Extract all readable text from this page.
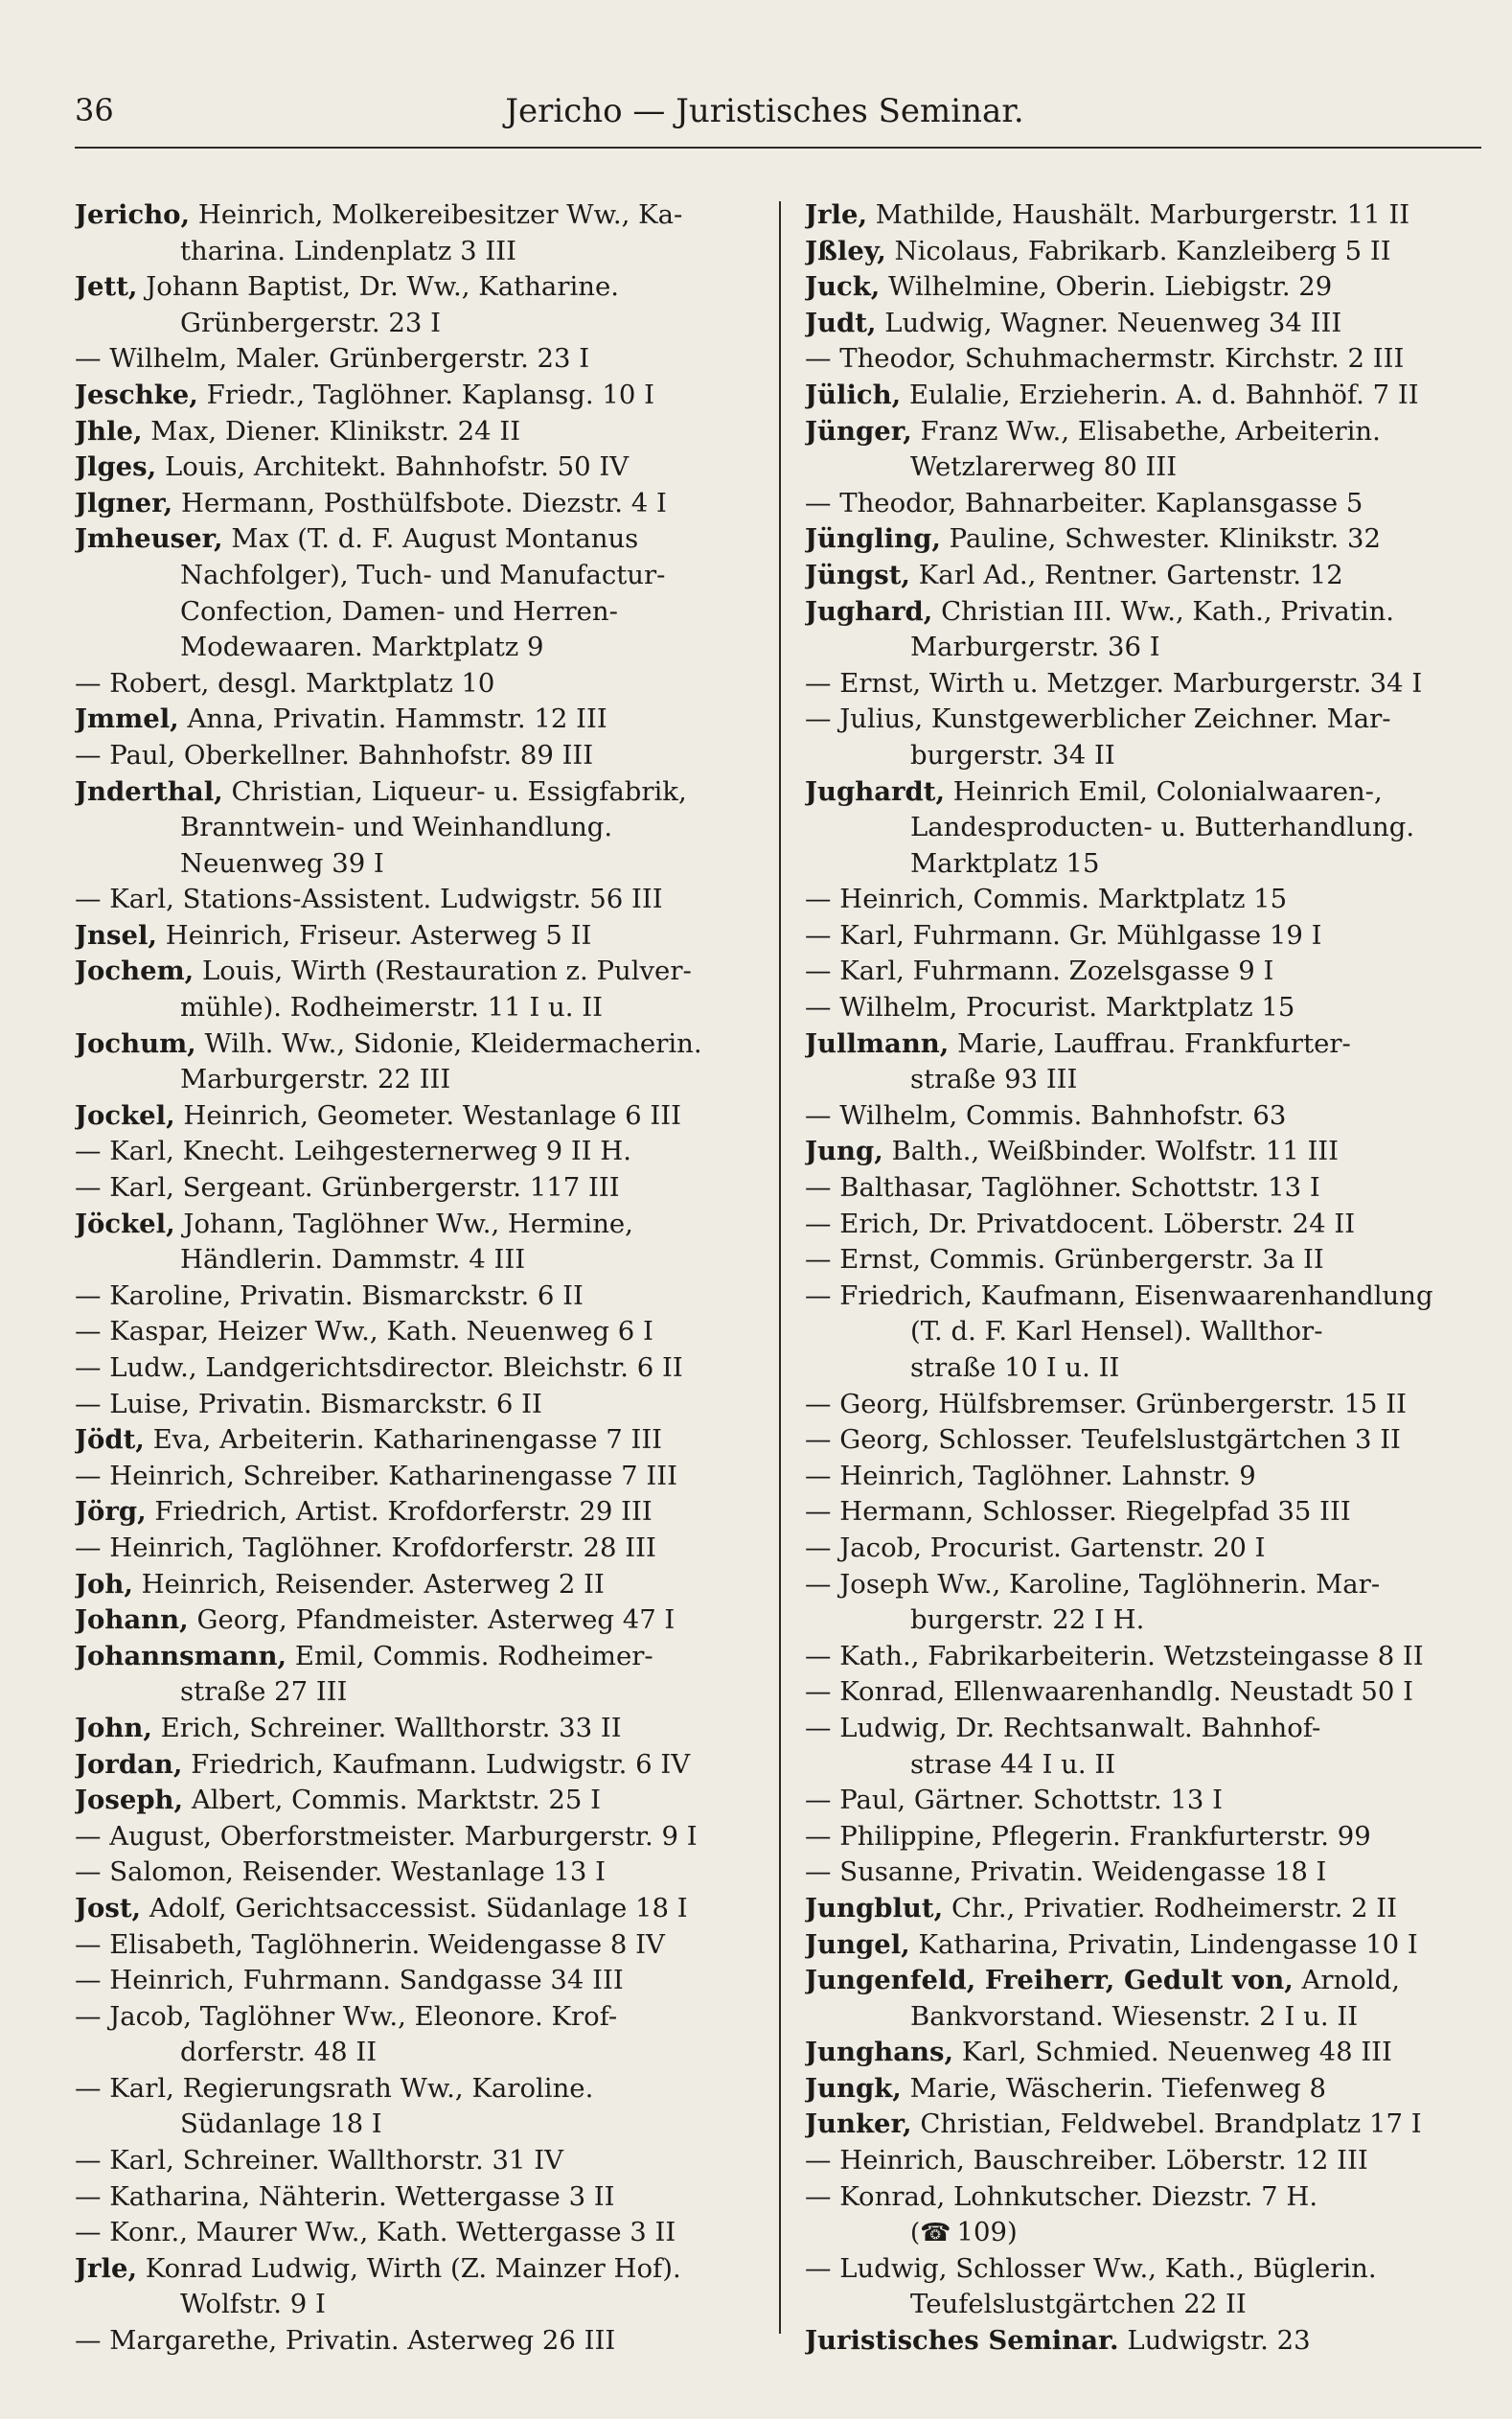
36	Jericho — Juristisches Seminar.
Jericho, Heinrich, Molkereibesitzer Ww., Ka-
tharina. Lindenplatz 3 III
Jett, Johann Baptist, Dr. Ww., Katharine.
Grünbergerstr. 23 I
— Wilhelm, Maler. Grünbergerstr. 23 I
Jeschke, Friedr., Taglöhner. Kaplansg. 10 I
Jhle, Max, Diener. Klinikstr. 24 II
Jlges, Louis, Architekt. Bahnhofstr. 50 IV
Jlgner, Hermann, Posthülfsbote. Diezstr. 4 I
Jmheuser, Max (T. d. F. August Montanus
Nachfolger), Tuch- und Manufactur-
Confection, Damen- und Herren-
Modewaaren. Marktplatz 9
— Robert, desgl. Marktplatz 10
Jmmel, Anna, Privatin. Hammstr. 12 III
— Paul, Oberkellner. Bahnhofstr. 89 III
Jnderthal, Christian, Liqueur- u. Essigfabrik,
Branntwein- und Weinhandlung.
Neuenweg 39 I
— Karl, Stations-Assistent. Ludwigstr. 56 III
Jnsel, Heinrich, Friseur. Asterweg 5 II
Jochem, Louis, Wirth (Restauration z. Pulver-
mühle). Rodheimerstr. 11 I u. II
Jochum, Wilh. Ww., Sidonie, Kleidermacherin.
Marburgerstr. 22 III
Jockel, Heinrich, Geometer. Westanlage 6 III
— Karl, Knecht. Leihgesternerweg 9 II H.
— Karl, Sergeant. Grünbergerstr. 117 III
Jöckel, Johann, Taglöhner Ww., Hermine,
Händlerin. Dammstr. 4 III
— Karoline, Privatin. Bismarckstr. 6 II
— Kaspar, Heizer Ww., Kath. Neuenweg 6 I
— Ludw., Landgerichtsdirector. Bleichstr. 6 II
— Luise, Privatin. Bismarckstr. 6 II
Jödt, Eva, Arbeiterin. Katharinengasse 7 III
— Heinrich, Schreiber. Katharinengasse 7 III
Jörg, Friedrich, Artist. Krofdorferstr. 29 III
— Heinrich, Taglöhner. Krofdorferstr. 28 III
Joh, Heinrich, Reisender. Asterweg 2 II
Johann, Georg, Pfandmeister. Asterweg 47 I
Johannsmann, Emil, Commis. Rodheimer-
straße 27 III
John, Erich, Schreiner. Wallthorstr. 33 II
Jordan, Friedrich, Kaufmann. Ludwigstr. 6 IV
Joseph, Albert, Commis. Marktstr. 25 I
— August, Oberforstmeister. Marburgerstr. 9 I
— Salomon, Reisender. Westanlage 13 I
Jost, Adolf, Gerichtsaccessist. Südanlage 18 I
— Elisabeth, Taglöhnerin. Weidengasse 8 IV
— Heinrich, Fuhrmann. Sandgasse 34 III
— Jacob, Taglöhner Ww., Eleonore. Krof-
dorferstr. 48 II
— Karl, Regierungsrath Ww., Karoline.
Südanlage 18 I
— Karl, Schreiner. Wallthorstr. 31 IV
— Katharina, Nähterin. Wettergasse 3 II
— Konr., Maurer Ww., Kath. Wettergasse 3 II
Jrle, Konrad Ludwig, Wirth (Z. Mainzer Hof).
Wolfstr. 9 I
— Margarethe, Privatin. Asterweg 26 III
Jrle, Mathilde, Haushält. Marburgerstr. 11 II
Jßley, Nicolaus, Fabrikarb. Kanzleiberg 5 II
Juck, Wilhelmine, Oberin. Liebigstr. 29
Judt, Ludwig, Wagner. Neuenweg 34 III
— Theodor, Schuhmachermstr. Kirchstr. 2 III
Jülich, Eulalie, Erzieherin. A. d. Bahnhöf. 7 II
Jünger, Franz Ww., Elisabethe, Arbeiterin.
Wetzlarerweg 80 III
— Theodor, Bahnarbeiter. Kaplansgasse 5
Jüngling, Pauline, Schwester. Klinikstr. 32
Jüngst, Karl Ad., Rentner. Gartenstr. 12
Jughard, Christian III. Ww., Kath., Privatin.
Marburgerstr. 36 I
— Ernst, Wirth u. Metzger. Marburgerstr. 34 I
— Julius, Kunstgewerblicher Zeichner. Mar-
burgerstr. 34 II
Jughardt, Heinrich Emil, Colonialwaaren-,
Landesproducten- u. Butterhandlung.
Marktplatz 15
— Heinrich, Commis. Marktplatz 15
— Karl, Fuhrmann. Gr. Mühlgasse 19 I
— Karl, Fuhrmann. Zozelsgasse 9 I
— Wilhelm, Procurist. Marktplatz 15
Jullmann, Marie, Lauffrau. Frankfurter-
straße 93 III
— Wilhelm, Commis. Bahnhofstr. 63
Jung, Balth., Weißbinder. Wolfstr. 11 III
— Balthasar, Taglöhner. Schottstr. 13 I
— Erich, Dr. Privatdocent. Löberstr. 24 II
— Ernst, Commis. Grünbergerstr. 3a II
— Friedrich, Kaufmann, Eisenwaarenhandlung
(T. d. F. Karl Hensel). Wallthor-
straße 10 I u. II
— Georg, Hülfsbremser. Grünbergerstr. 15 II
— Georg, Schlosser. Teufelslustgärtchen 3 II
— Heinrich, Taglöhner. Lahnstr. 9
— Hermann, Schlosser. Riegelpfad 35 III
— Jacob, Procurist. Gartenstr. 20 I
— Joseph Ww., Karoline, Taglöhnerin. Mar-
burgerstr. 22 I H.
— Kath., Fabrikarbeiterin. Wetzsteingasse 8 II
— Konrad, Ellenwaarenhandlg. Neustadt 50 I
— Ludwig, Dr. Rechtsanwalt. Bahnhof-
strase 44 I u. II
— Paul, Gärtner. Schottstr. 13 I
— Philippine, Pflegerin. Frankfurterstr. 99
— Susanne, Privatin. Weidengasse 18 I
Jungblut, Chr., Privatier. Rodheimerstr. 2 II
Jungel, Katharina, Privatin, Lindengasse 10 I
Jungenfeld, Freiherr, Gedult von, Arnold,
Bankvorstand. Wiesenstr. 2 I u. II
Junghans, Karl, Schmied. Neuenweg 48 III
Jungk, Marie, Wäscherin. Tiefenweg 8
Junker, Christian, Feldwebel. Brandplatz 17 I
— Heinrich, Bauschreiber. Löberstr. 12 III
— Konrad, Lohnkutscher. Diezstr. 7 H.
(☎ 109)
— Ludwig, Schlosser Ww., Kath., Büglerin.
Teufelslustgärtchen 22 II
Juristisches Seminar. Ludwigstr. 23
